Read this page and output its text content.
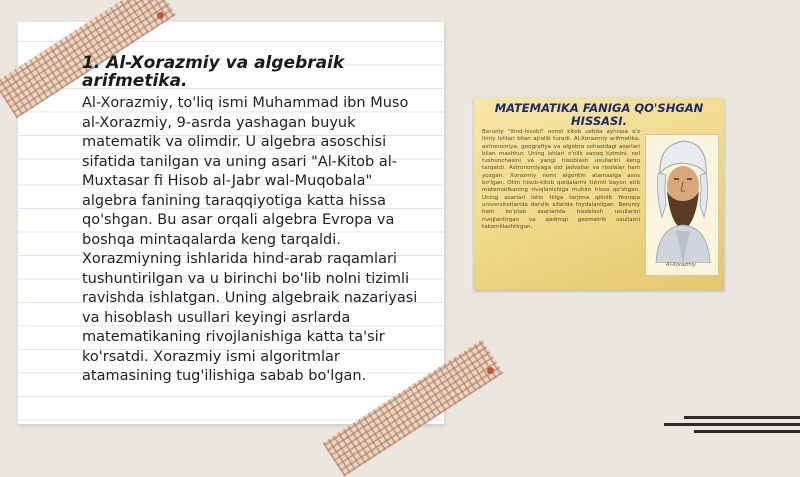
1. Al-Xorazmiy va algebraik arifmetika.

Al-Xorazmiy, to'liq ismi Muhammad ibn Muso al-Xorazmiy, 9-asrda yashagan buyuk matematik va olimdir. U algebra asoschisi sifatida tanilgan va uning asari "Al-Kitob al-Muxtasar fi Hisob al-Jabr wal-Muqobala" algebra fanining taraqqiyotiga katta hissa qo'shgan. Bu asar orqali algebra Evropa va boshqa mintaqalarda keng tarqaldi. Xorazmiyning ishlarida hind-arab raqamlari tushuntirilgan va u birinchi bo'lib nolni tizimli ravishda ishlatgan. Uning algebraik nazariyasi va hisoblash usullari keyingi asrlarda matematikaning rivojlanishiga katta ta'sir ko'rsatdi. Xorazmiy ismi algoritmlar atamasining tug'ilishiga sabab bo'lgan.

MATEMATIKA FANIGA QO'SHGAN HISSASI.
Beruniy "Xind-hisobi" nomli kitob ustida ayniqsa o'z ilmiy ishlari bilan ajralib turadi. Al-Xorazmiy arifmetika, astronomiya, geografiya va algebra sohasidagi asarlari bilan mashhur. Uning ishlari o'nlik sanoq tizimini, nol tushunchasini va yangi hisoblash usullarini keng tarqatdi. Astronomiyaga oid jadvallar va risolalar ham yozgan. Xorazmiy nomi algoritm atamasiga asos bo'lgan. Olim hisob-kitob qoidalarini tizimli bayon etib matematikaning rivojlanishiga muhim hissa qo'shgan. Uning asarlari lotin tiliga tarjima qilinib Yevropa universitetlarida darslik sifatida foydalanilgan. Beruniy ham ko'plab asarlarida hisoblash usullarini rivojlantirgan va qadimgi geometrik usullarni takomillashtirgan.
Al-Xorazmiy
